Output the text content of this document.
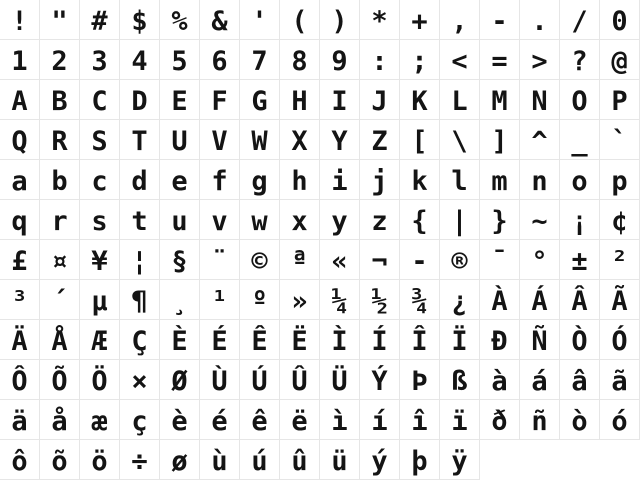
! " # $ % & ' ( ) * + , - . / 0
1 2 3 4 5 6 7 8 9 : ; < = > ? @
A B C D E F G H I J K L M N O P
Q R S T U V W X Y Z [ \ ] ^ _ `
a b c d e f g h i j k l m n o p
q r s t u v w x y z { | } ~ ¡ ¢
£ ¤ ¥ ¦ § ¨ © ª « ¬ - ® ¯ ° ± ²
³ ´ µ ¶ ¸ ¹ º » ¼ ½ ¾ ¿ À Á Â Ã
Ä Å Æ Ç È É Ê Ë Ì Í Î Ï Ð Ñ Ò Ó
Ô Õ Ö × Ø Ù Ú Û Ü Ý Þ ß à á â ã
ä å æ ç è é ê ë ì í î ï ð ñ ò ó
ô õ ö ÷ ø ù ú û ü ý þ ÿ
